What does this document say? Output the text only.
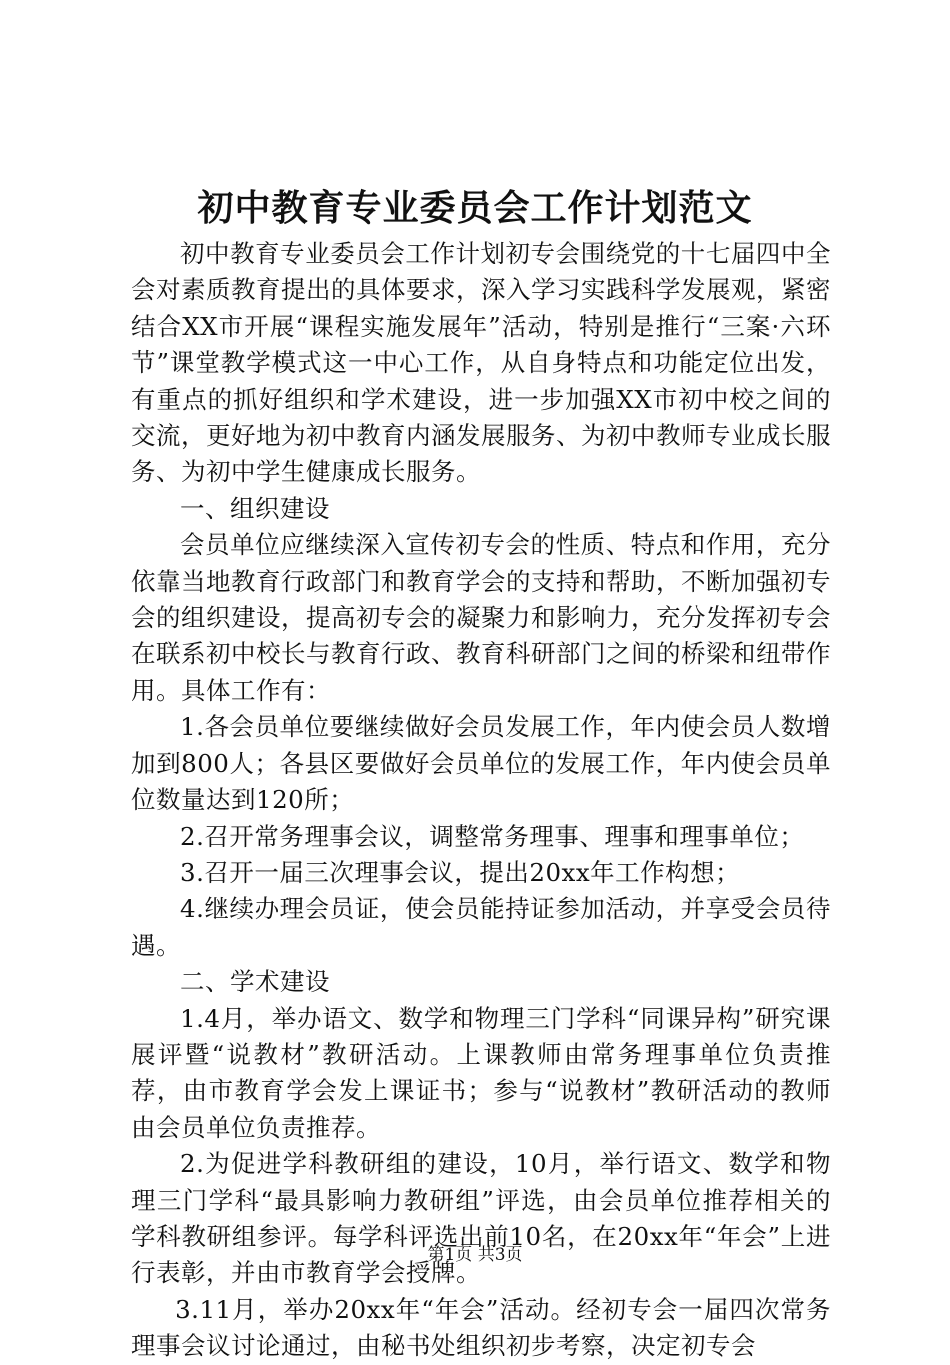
初中教育专业委员会工作计划范文

初中教育专业委员会工作计划初专会围绕党的十七届四中全会对素质教育提出的具体要求，深入学习实践科学发展观，紧密结合XX市开展“课程实施发展年”活动，特别是推行“三案·六环节”课堂教学模式这一中心工作，从自身特点和功能定位出发，有重点的抓好组织和学术建设，进一步加强XX市初中校之间的交流，更好地为初中教育内涵发展服务、为初中教师专业成长服务、为初中学生健康成长服务。

一、组织建设

会员单位应继续深入宣传初专会的性质、特点和作用，充分依靠当地教育行政部门和教育学会的支持和帮助，不断加强初专会的组织建设，提高初专会的凝聚力和影响力，充分发挥初专会在联系初中校长与教育行政、教育科研部门之间的桥梁和纽带作用。具体工作有：

1.各会员单位要继续做好会员发展工作，年内使会员人数增加到800人；各县区要做好会员单位的发展工作，年内使会员单位数量达到120所；

2.召开常务理事会议，调整常务理事、理事和理事单位；

3.召开一届三次理事会议，提出20xx年工作构想；

4.继续办理会员证，使会员能持证参加活动，并享受会员待遇。

二、学术建设

1.4月，举办语文、数学和物理三门学科“同课异构”研究课展评暨“说教材”教研活动。上课教师由常务理事单位负责推荐，由市教育学会发上课证书；参与“说教材”教研活动的教师由会员单位负责推荐。

2.为促进学科教研组的建设，10月，举行语文、数学和物理三门学科“最具影响力教研组”评选，由会员单位推荐相关的学科教研组参评。每学科评选出前10名，在20xx年“年会”上进行表彰，并由市教育学会授牌。

3.11月，举办20xx年“年会”活动。经初专会一届四次常务理事会议讨论通过，由秘书处组织初步考察，决定初专会

第1页 共3页
